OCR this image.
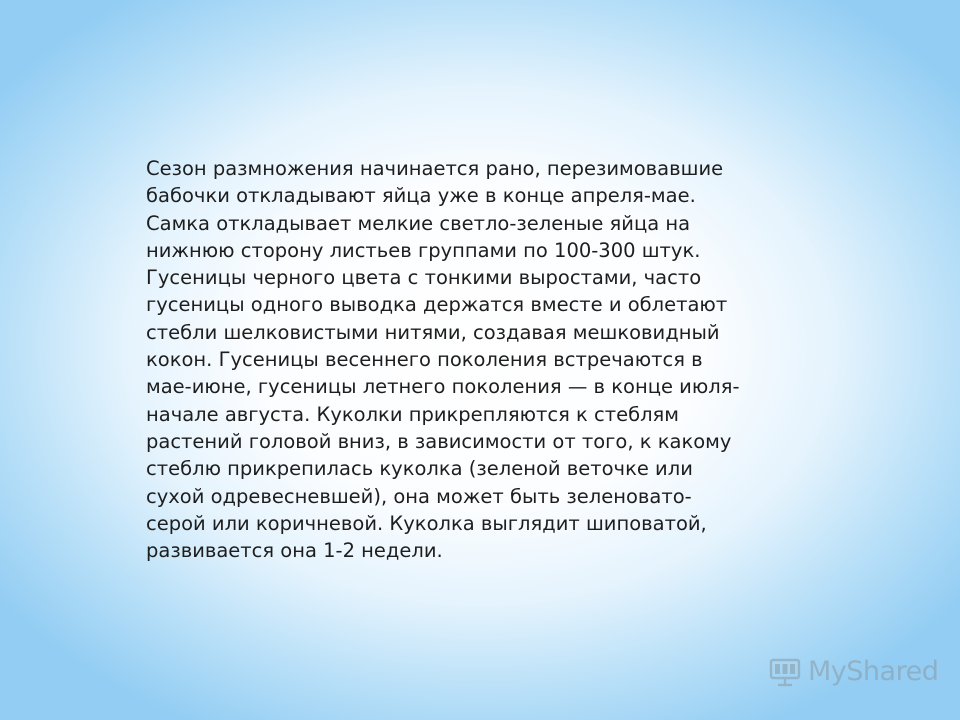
Сезон размножения начинается рано, перезимовавшие
бабочки откладывают яйца уже в конце апреля-мае.
Самка откладывает мелкие светло-зеленые яйца на
нижнюю сторону листьев группами по 100-300 штук.
Гусеницы черного цвета с тонкими выростами, часто
гусеницы одного выводка держатся вместе и облетают
стебли шелковистыми нитями, создавая мешковидный
кокон. Гусеницы весеннего поколения встречаются в
мае-июне, гусеницы летнего поколения — в конце июля-
начале августа. Куколки прикрепляются к стеблям
растений головой вниз, в зависимости от того, к какому
стеблю прикрепилась куколка (зеленой веточке или
сухой одревесневшей), она может быть зеленовато-
серой или коричневой. Куколка выглядит шиповатой,
развивается она 1-2 недели.

MyShared
